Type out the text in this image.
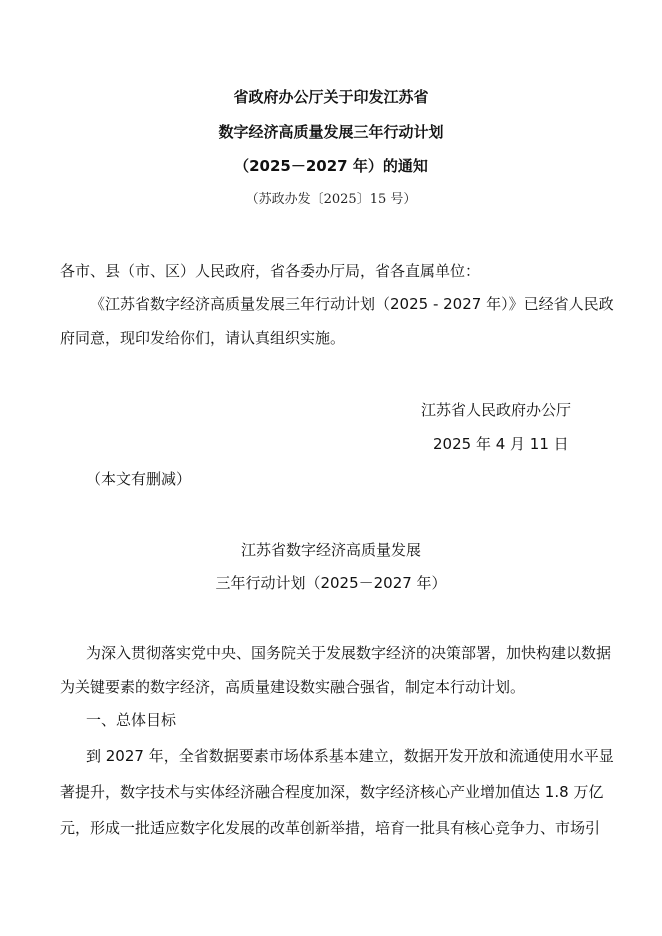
省政府办公厅关于印发江苏省
数字经济高质量发展三年行动计划
（2025－2027 年）的通知
（苏政办发〔2025〕15 号）
各市、县（市、区）人民政府，省各委办厅局，省各直属单位：
《江苏省数字经济高质量发展三年行动计划（2025 - 2027 年）》已经省人民政
府同意，现印发给你们，请认真组织实施。
江苏省人民政府办公厅
2025 年 4 月 11 日
（本文有删减）
江苏省数字经济高质量发展
三年行动计划（2025－2027 年）
为深入贯彻落实党中央、国务院关于发展数字经济的决策部署，加快构建以数据
为关键要素的数字经济，高质量建设数实融合强省，制定本行动计划。
一、总体目标
到 2027 年，全省数据要素市场体系基本建立，数据开发开放和流通使用水平显
著提升，数字技术与实体经济融合程度加深，数字经济核心产业增加值达 1.8 万亿
元，形成一批适应数字化发展的改革创新举措，培育一批具有核心竞争力、市场引
